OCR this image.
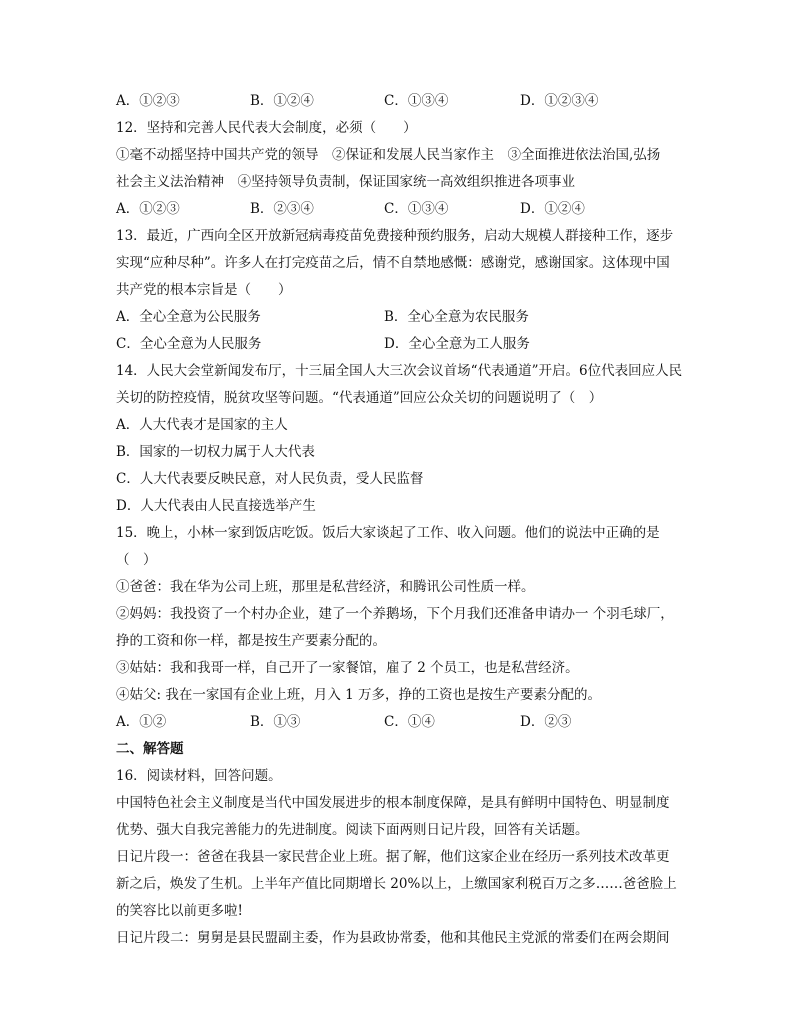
A．①②③	B．①②④	C．①③④	D．①②③④
12．坚持和完善人民代表大会制度，必须（　　）
①毫不动摇坚持中国共产党的领导　②保证和发展人民当家作主　③全面推进依法治国,弘扬
社会主义法治精神　④坚持领导负责制，保证国家统一高效组织推进各项事业
A．①②③	B．②③④	C．①③④	D．①②④
13．最近，广西向全区开放新冠病毒疫苗免费接种预约服务，启动大规模人群接种工作，逐步
实现“应种尽种”。许多人在打完疫苗之后，情不自禁地感慨：感谢党，感谢国家。这体现中国
共产党的根本宗旨是（　　）
A．全心全意为公民服务	B．全心全意为农民服务
C．全心全意为人民服务	D．全心全意为工人服务
14．人民大会堂新闻发布厅，十三届全国人大三次会议首场“代表通道”开启。6位代表回应人民
关切的防控疫情，脱贫攻坚等问题。“代表通道”回应公众关切的问题说明了（　）
A．人大代表才是国家的主人
B．国家的一切权力属于人大代表
C．人大代表要反映民意，对人民负责，受人民监督
D．人大代表由人民直接选举产生
15．晚上，小林一家到饭店吃饭。饭后大家谈起了工作、收入问题。他们的说法中正确的是
（　）
①爸爸：我在华为公司上班，那里是私营经济，和腾讯公司性质一样。
②妈妈：我投资了一个村办企业，建了一个养鹅场，下个月我们还准备申请办一 个羽毛球厂，
挣的工资和你一样，都是按生产要素分配的。
③姑姑：我和我哥一样，自己开了一家餐馆，雇了 2 个员工，也是私营经济。
④姑父: 我在一家国有企业上班，月入 1 万多，挣的工资也是按生产要素分配的。
A．①②	B．①③	C．①④	D．②③
二、解答题
16．阅读材料，回答问题。
中国特色社会主义制度是当代中国发展进步的根本制度保障，是具有鲜明中国特色、明显制度
优势、强大自我完善能力的先进制度。阅读下面两则日记片段，回答有关话题。
日记片段一：爸爸在我县一家民营企业上班。据了解，他们这家企业在经历一系列技术改革更
新之后，焕发了生机。上半年产值比同期增长 20%以上，上缴国家利税百万之多……爸爸脸上
的笑容比以前更多啦!
日记片段二：舅舅是县民盟副主委，作为县政协常委，他和其他民主党派的常委们在两会期间
